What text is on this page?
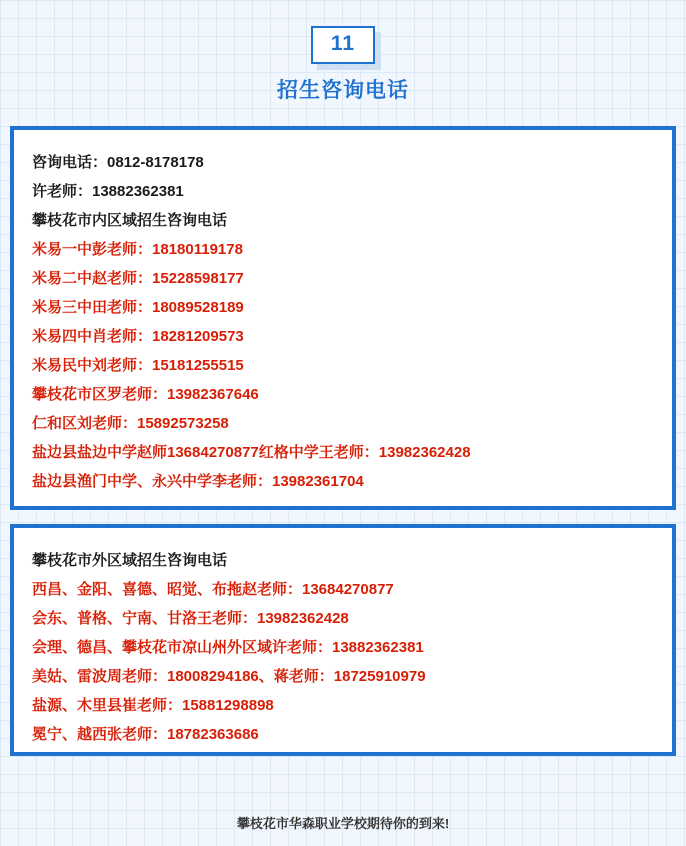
11
招生咨询电话
咨询电话：0812-8178178
许老师：13882362381
攀枝花市内区域招生咨询电话
米易一中彭老师：18180119178
米易二中赵老师：15228598177
米易三中田老师：18089528189
米易四中肖老师：18281209573
米易民中刘老师：15181255515
攀枝花市区罗老师：13982367646
仁和区刘老师：15892573258
盐边县盐边中学赵师13684270877红格中学王老师：13982362428
盐边县渔门中学、永兴中学李老师：13982361704
攀枝花市外区域招生咨询电话
西昌、金阳、喜德、昭觉、布拖赵老师：13684270877
会东、普格、宁南、甘洛王老师：13982362428
会理、德昌、攀枝花市凉山州外区域许老师：13882362381
美姑、雷波周老师：18008294186、蒋老师：18725910979
盐源、木里县崔老师：15881298898
冕宁、越西张老师：18782363686
攀枝花市华森职业学校期待你的到来!
